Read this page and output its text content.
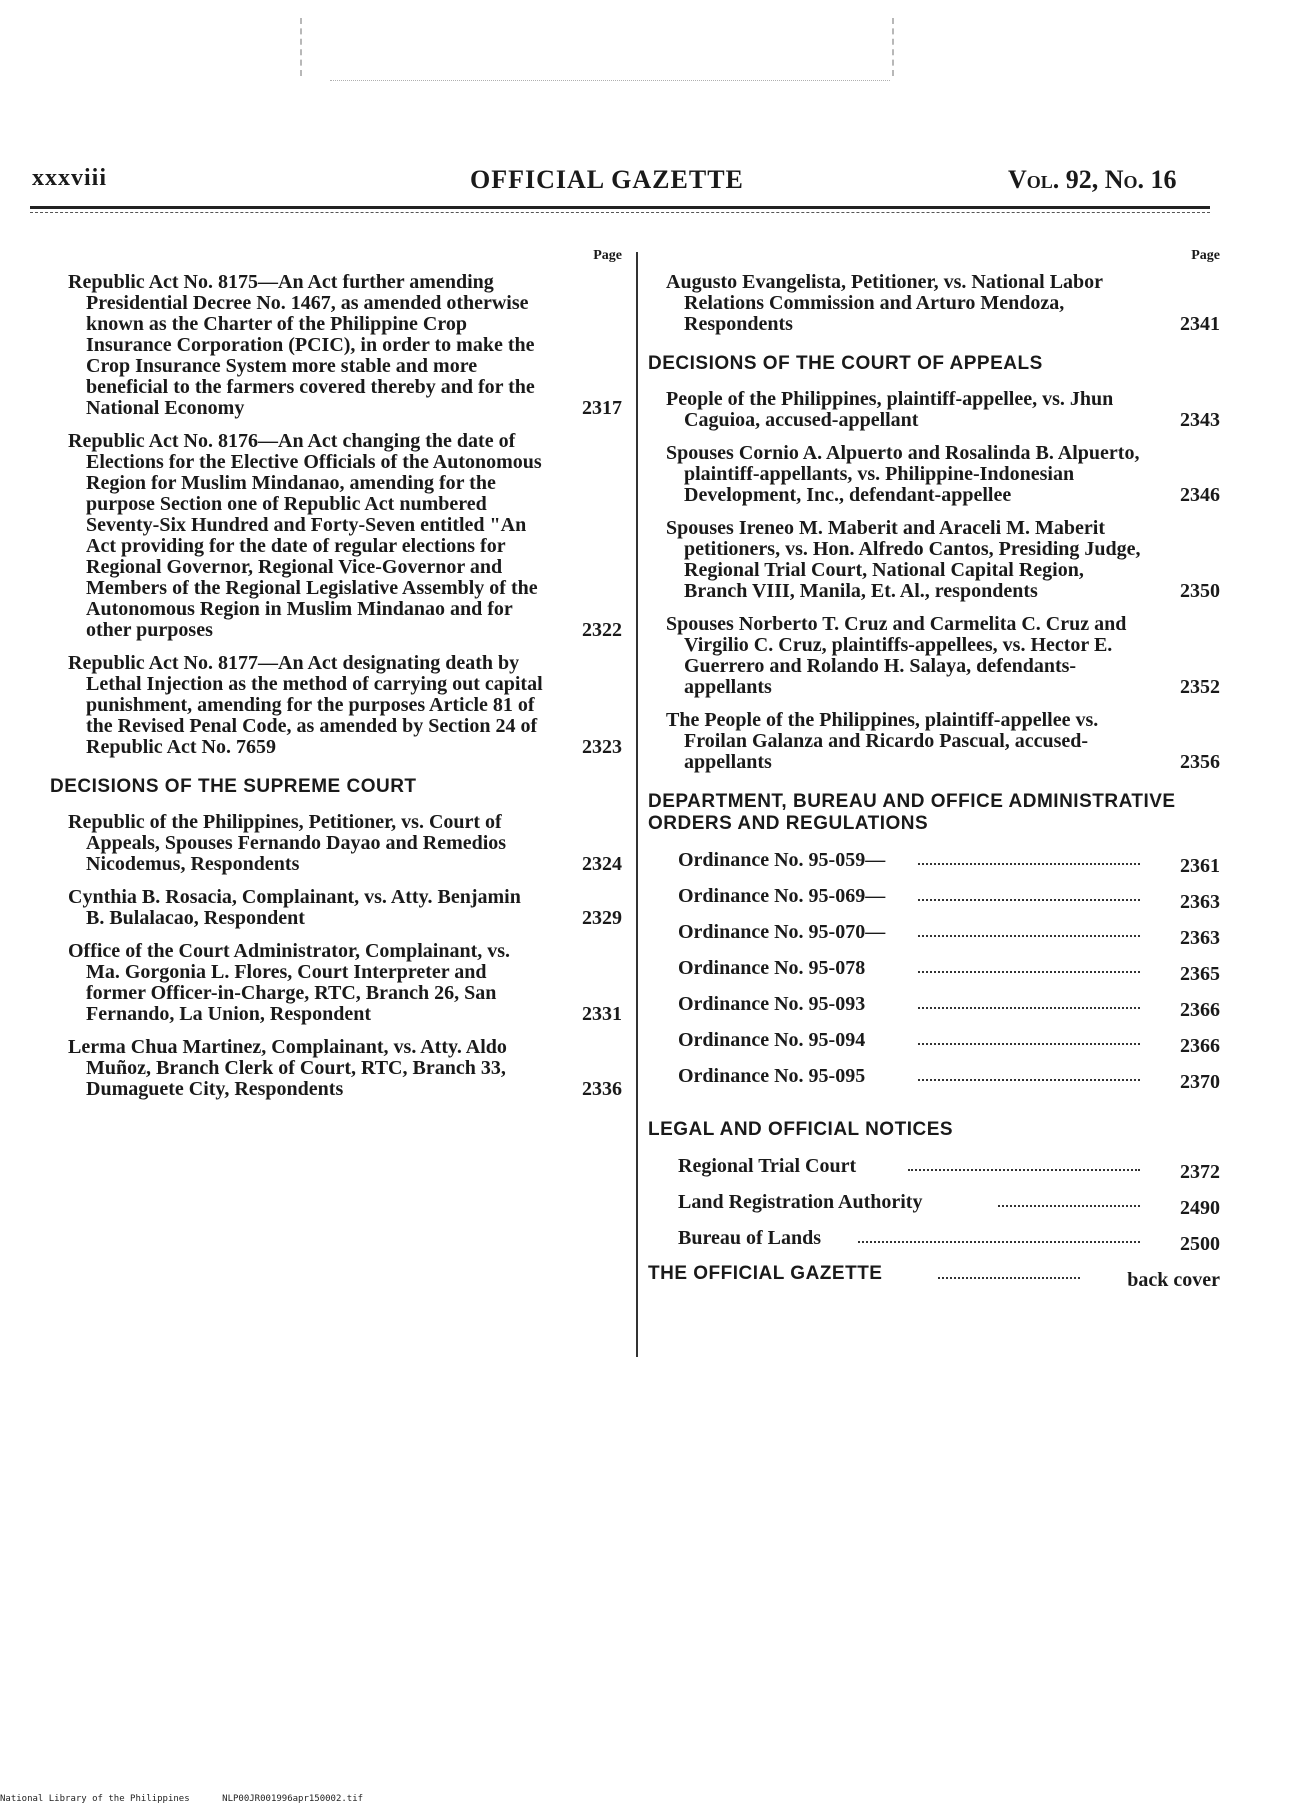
xxxviii	OFFICIAL GAZETTE	Vol. 92, No. 16
Page
Republic Act No. 8175—An Act further amending Presidential Decree No. 1467, as amended otherwise known as the Charter of the Philippine Crop Insurance Corporation (PCIC), in order to make the Crop Insurance System more stable and more beneficial to the farmers covered thereby and for the National Economy	2317
Republic Act No. 8176—An Act changing the date of Elections for the Elective Officials of the Autonomous Region for Muslim Mindanao, amending for the purpose Section one of Republic Act numbered Seventy-Six Hundred and Forty-Seven entitled "An Act providing for the date of regular elections for Regional Governor, Regional Vice-Governor and Members of the Regional Legislative Assembly of the Autonomous Region in Muslim Mindanao and for other purposes	2322
Republic Act No. 8177—An Act designating death by Lethal Injection as the method of carrying out capital punishment, amending for the purposes Article 81 of the Revised Penal Code, as amended by Section 24 of Republic Act No. 7659	2323
DECISIONS OF THE SUPREME COURT
Republic of the Philippines, Petitioner, vs. Court of Appeals, Spouses Fernando Dayao and Remedios Nicodemus, Respondents	2324
Cynthia B. Rosacia, Complainant, vs. Atty. Benjamin B. Bulalacao, Respondent	2329
Office of the Court Administrator, Complainant, vs. Ma. Gorgonia L. Flores, Court Interpreter and former Officer-in-Charge, RTC, Branch 26, San Fernando, La Union, Respondent	2331
Lerma Chua Martinez, Complainant, vs. Atty. Aldo Muñoz, Branch Clerk of Court, RTC, Branch 33, Dumaguete City, Respondents	2336
Page
Augusto Evangelista, Petitioner, vs. National Labor Relations Commission and Arturo Mendoza, Respondents	2341
DECISIONS OF THE COURT OF APPEALS
People of the Philippines, plaintiff-appellee, vs. Jhun Caguioa, accused-appellant	2343
Spouses Cornio A. Alpuerto and Rosalinda B. Alpuerto, plaintiff-appellants, vs. Philippine-Indonesian Development, Inc., defendant-appellee	2346
Spouses Ireneo M. Maberit and Araceli M. Maberit petitioners, vs. Hon. Alfredo Cantos, Presiding Judge, Regional Trial Court, National Capital Region, Branch VIII, Manila, Et. Al., respondents	2350
Spouses Norberto T. Cruz and Carmelita C. Cruz and Virgilio C. Cruz, plaintiffs-appellees, vs. Hector E. Guerrero and Rolando H. Salaya, defendants-appellants	2352
The People of the Philippines, plaintiff-appellee vs. Froilan Galanza and Ricardo Pascual, accused-appellants	2356
DEPARTMENT, BUREAU AND OFFICE ADMINISTRATIVE ORDERS AND REGULATIONS
Ordinance No. 95-059—	2361
Ordinance No. 95-069—	2363
Ordinance No. 95-070—	2363
Ordinance No. 95-078	2365
Ordinance No. 95-093	2366
Ordinance No. 95-094	2366
Ordinance No. 95-095	2370
LEGAL AND OFFICIAL NOTICES
Regional Trial Court	2372
Land Registration Authority	2490
Bureau of Lands	2500
THE OFFICIAL GAZETTE	back cover
National Library of the Philippines	NLP00JR001996apr150002.tif
